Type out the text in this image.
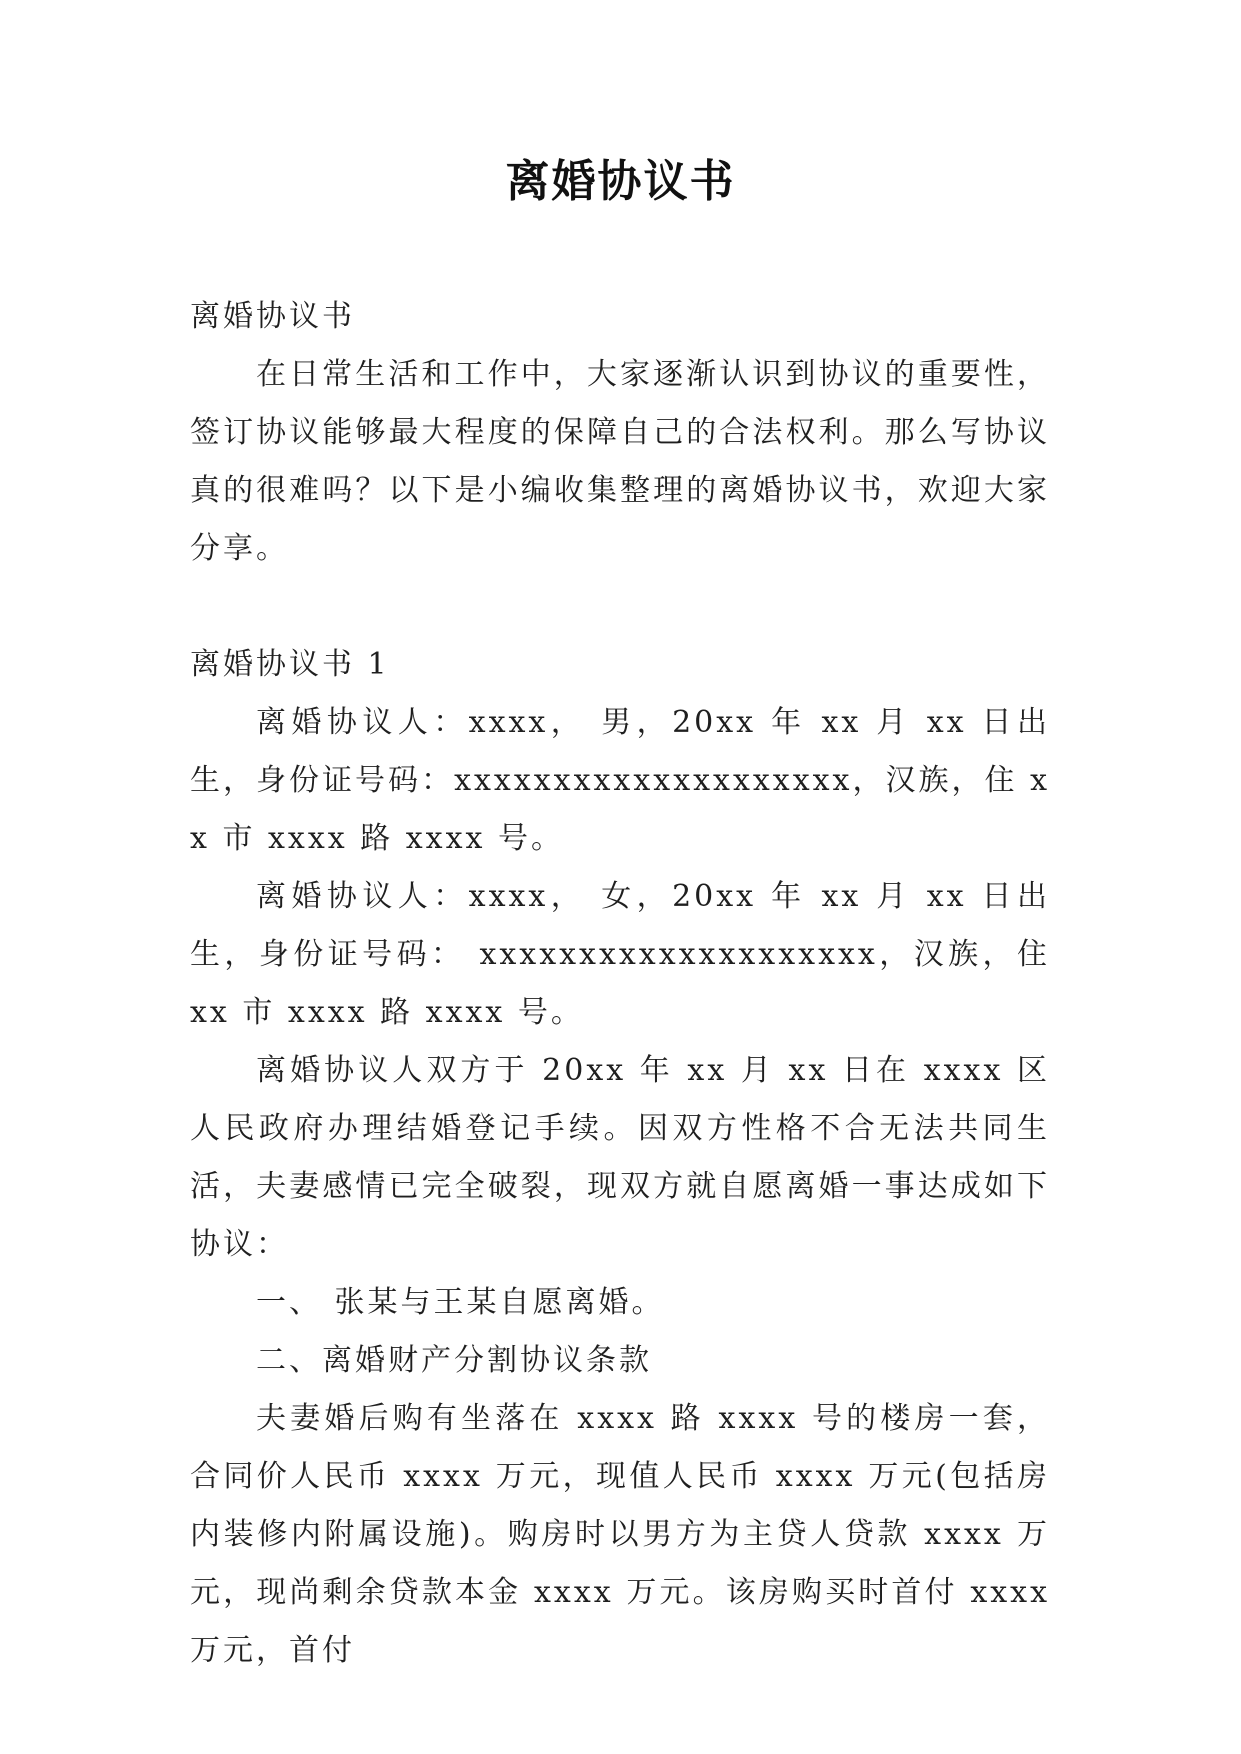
离婚协议书

离婚协议书

在日常生活和工作中，大家逐渐认识到协议的重要性，签订协议能够最大程度的保障自己的合法权利。那么写协议真的很难吗？以下是小编收集整理的离婚协议书，欢迎大家分享。

离婚协议书 1

离婚协议人：xxxx， 男，20xx 年 xx 月 xx 日出生，身份证号码：xxxxxxxxxxxxxxxxxxxx，汉族，住 xx 市 xxxx 路 xxxx 号。

离婚协议人：xxxx， 女，20xx 年 xx 月 xx 日出生，身份证号码： xxxxxxxxxxxxxxxxxxxx，汉族，住 xx 市 xxxx 路 xxxx 号。

离婚协议人双方于 20xx 年 xx 月 xx 日在 xxxx 区人民政府办理结婚登记手续。因双方性格不合无法共同生活，夫妻感情已完全破裂，现双方就自愿离婚一事达成如下协议：

一、 张某与王某自愿离婚。

二、离婚财产分割协议条款

夫妻婚后购有坐落在 xxxx 路 xxxx 号的楼房一套，合同价人民币 xxxx 万元，现值人民币 xxxx 万元(包括房内装修内附属设施)。购房时以男方为主贷人贷款 xxxx 万元，现尚剩余贷款本金 xxxx 万元。该房购买时首付 xxxx 万元，首付
